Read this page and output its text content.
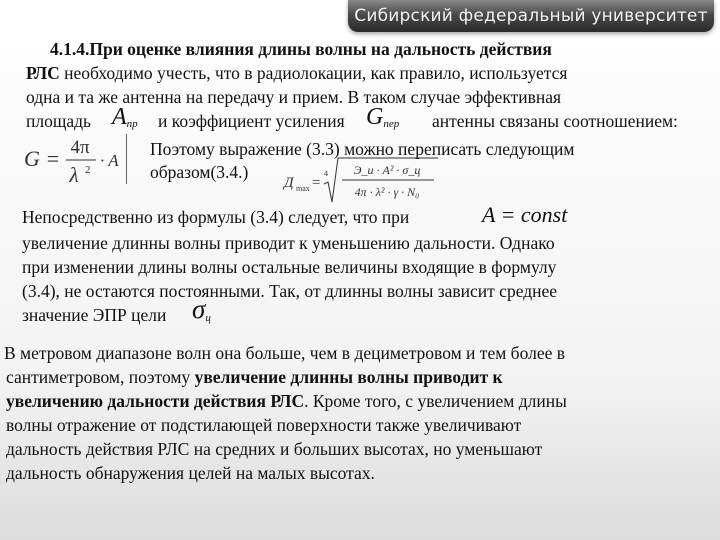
Сибирский федеральный университет
4.1.4.При оценке влияния длины волны на дальность действия
РЛС необходимо учесть, что в радиолокации, как правило, используется
одна и та же антенна на передачу и прием. В таком случае эффективная
площадь $A_{пр}$ и коэффициент усиления $G_{пер}$ антенны связаны соотношением:
G = 4π
λ 2 · A
Поэтому выражение (3.3) можно переписать следующим
образом(3.4.)
Д max =
4 Э_и · A² · σ_ц
4π · λ² · γ · N₀
Непосредственно из формулы (3.4) следует, что при	A = const
увеличение длинны волны приводит к уменьшению дальности. Однако
при изменении длины волны остальные величины входящие в формулу
(3.4), не остаются постоянными. Так, от длинны волны зависит среднее
значение ЭПР цели $\sigma_ц$
В метровом диапазоне волн она больше, чем в дециметровом и тем более в
сантиметровом, поэтому увеличение длинны волны приводит к
увеличению дальности действия РЛС. Кроме того, с увеличением длины
волны отражение от подстилающей поверхности также увеличивают
дальность действия РЛС на средних и больших высотах, но уменьшают
дальность обнаружения целей на малых высотах.
